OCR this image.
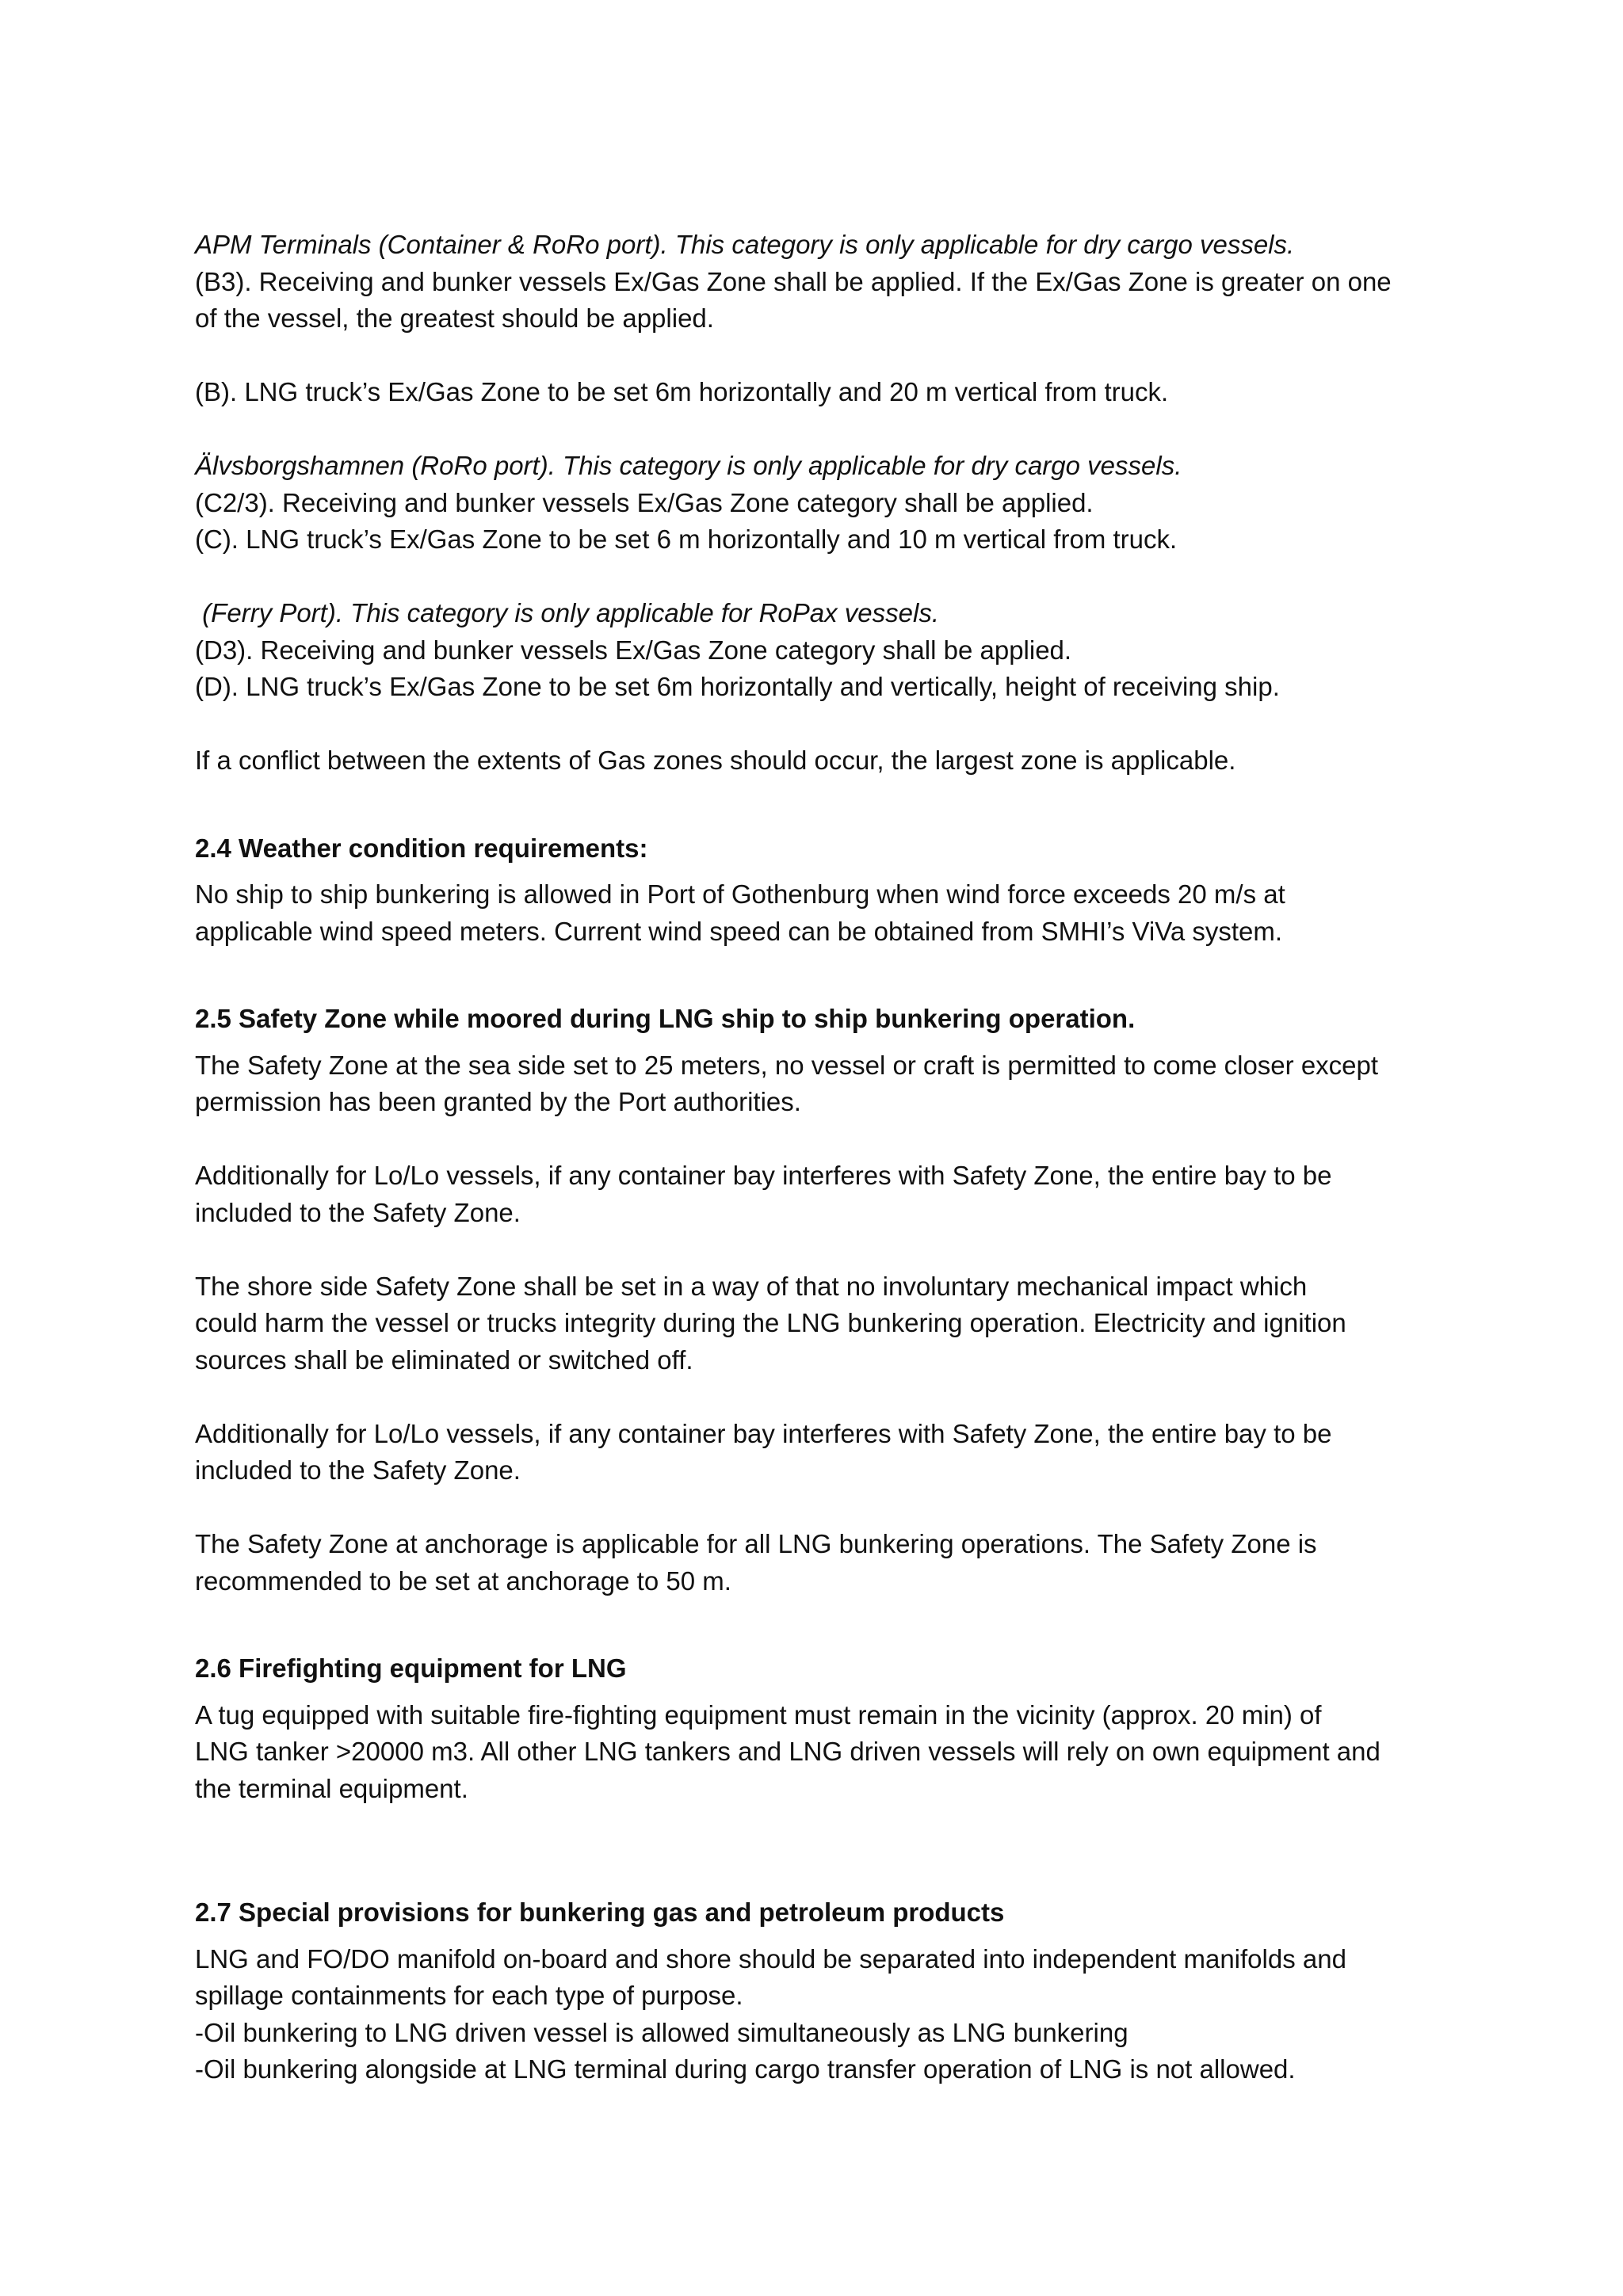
APM Terminals (Container & RoRo port). This category is only applicable for dry cargo vessels.
(B3). Receiving and bunker vessels Ex/Gas Zone shall be applied. If the Ex/Gas Zone is greater on one
of the vessel, the greatest should be applied.
(B). LNG truck’s Ex/Gas Zone to be set 6m horizontally and 20 m vertical from truck.
Älvsborgshamnen (RoRo port). This category is only applicable for dry cargo vessels.
(C2/3). Receiving and bunker vessels Ex/Gas Zone category shall be applied.
(C). LNG truck’s Ex/Gas Zone to be set 6 m horizontally and 10 m vertical from truck.
(Ferry Port). This category is only applicable for RoPax vessels.
(D3). Receiving and bunker vessels Ex/Gas Zone category shall be applied.
(D). LNG truck’s Ex/Gas Zone to be set 6m horizontally and vertically, height of receiving ship.
If a conflict between the extents of Gas zones should occur, the largest zone is applicable.
2.4 Weather condition requirements:
No ship to ship bunkering is allowed in Port of Gothenburg when wind force exceeds 20 m/s at
applicable wind speed meters. Current wind speed can be obtained from SMHI’s ViVa system.
2.5 Safety Zone while moored during LNG ship to ship bunkering operation.
The Safety Zone at the sea side set to 25 meters, no vessel or craft is permitted to come closer except
permission has been granted by the Port authorities.
Additionally for Lo/Lo vessels, if any container bay interferes with Safety Zone, the entire bay to be
included to the Safety Zone.
The shore side Safety Zone shall be set in a way of that no involuntary mechanical impact which
could harm the vessel or trucks integrity during the LNG bunkering operation. Electricity and ignition
sources shall be eliminated or switched off.
Additionally for Lo/Lo vessels, if any container bay interferes with Safety Zone, the entire bay to be
included to the Safety Zone.
The Safety Zone at anchorage is applicable for all LNG bunkering operations. The Safety Zone is
recommended to be set at anchorage to 50 m.
2.6 Firefighting equipment for LNG
A tug equipped with suitable fire-fighting equipment must remain in the vicinity (approx. 20 min) of
LNG tanker >20000 m3. All other LNG tankers and LNG driven vessels will rely on own equipment and
the terminal equipment.
2.7 Special provisions for bunkering gas and petroleum products
LNG and FO/DO manifold on-board and shore should be separated into independent manifolds and
spillage containments for each type of purpose.
-Oil bunkering to LNG driven vessel is allowed simultaneously as LNG bunkering
-Oil bunkering alongside at LNG terminal during cargo transfer operation of LNG is not allowed.
